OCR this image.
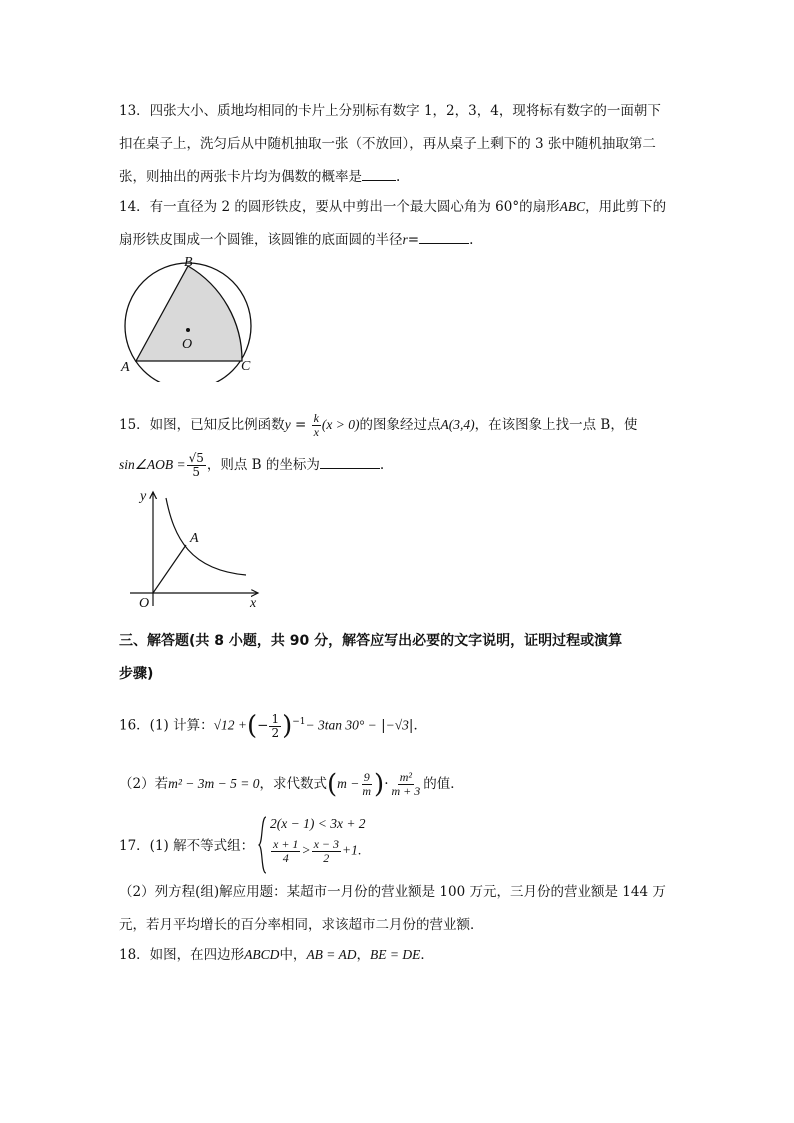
13．四张大小、质地均相同的卡片上分别标有数字 1，2，3，4，现将标有数字的一面朝下
扣在桌子上，洗匀后从中随机抽取一张（不放回），再从桌子上剩下的 3 张中随机抽取第二
张，则抽出的两张卡片均为偶数的概率是	.
14．有一直径为 2 的圆形铁皮，要从中剪出一个最大圆心角为 60°的扇形ABC，用此剪下的
扇形铁皮围成一个圆锥，该圆锥的底面圆的半径r=	.
B
O
A	C
15．如图，已知反比例函数$y = \frac{k}{x} (x > 0)$的图象经过点A(3,4)，在该图象上找一点 B，使
sin∠AOB = $\frac{√5}{5}$ ，则点 B 的坐标为	.
y
A
O	x
三、解答题(共 8 小题，共 90 分，解答应写出必要的文字说明，证明过程或演算
步骤)
16．(1) 计算：√12 +(− $\frac{1}{2} )^{-1}- 3\tan$ 30° − |−√3|．
（2）若m² − 3m − 5 = 0，求代数式($m - \frac{9}{m}$ )· $\frac{\text{m²}}{m + 3}$ 的值．
17．(1) 解不等式组：
2(x − 1) < 3x + 2
$\frac{x + 1}{4} > \frac{x - 3}{2} +1$.
（2）列方程(组)解应用题：某超市一月份的营业额是 100 万元，三月份的营业额是 144 万
元，若月平均增长的百分率相同，求该超市二月份的营业额．
18．如图，在四边形ABCD中，AB = AD，BE = DE．
